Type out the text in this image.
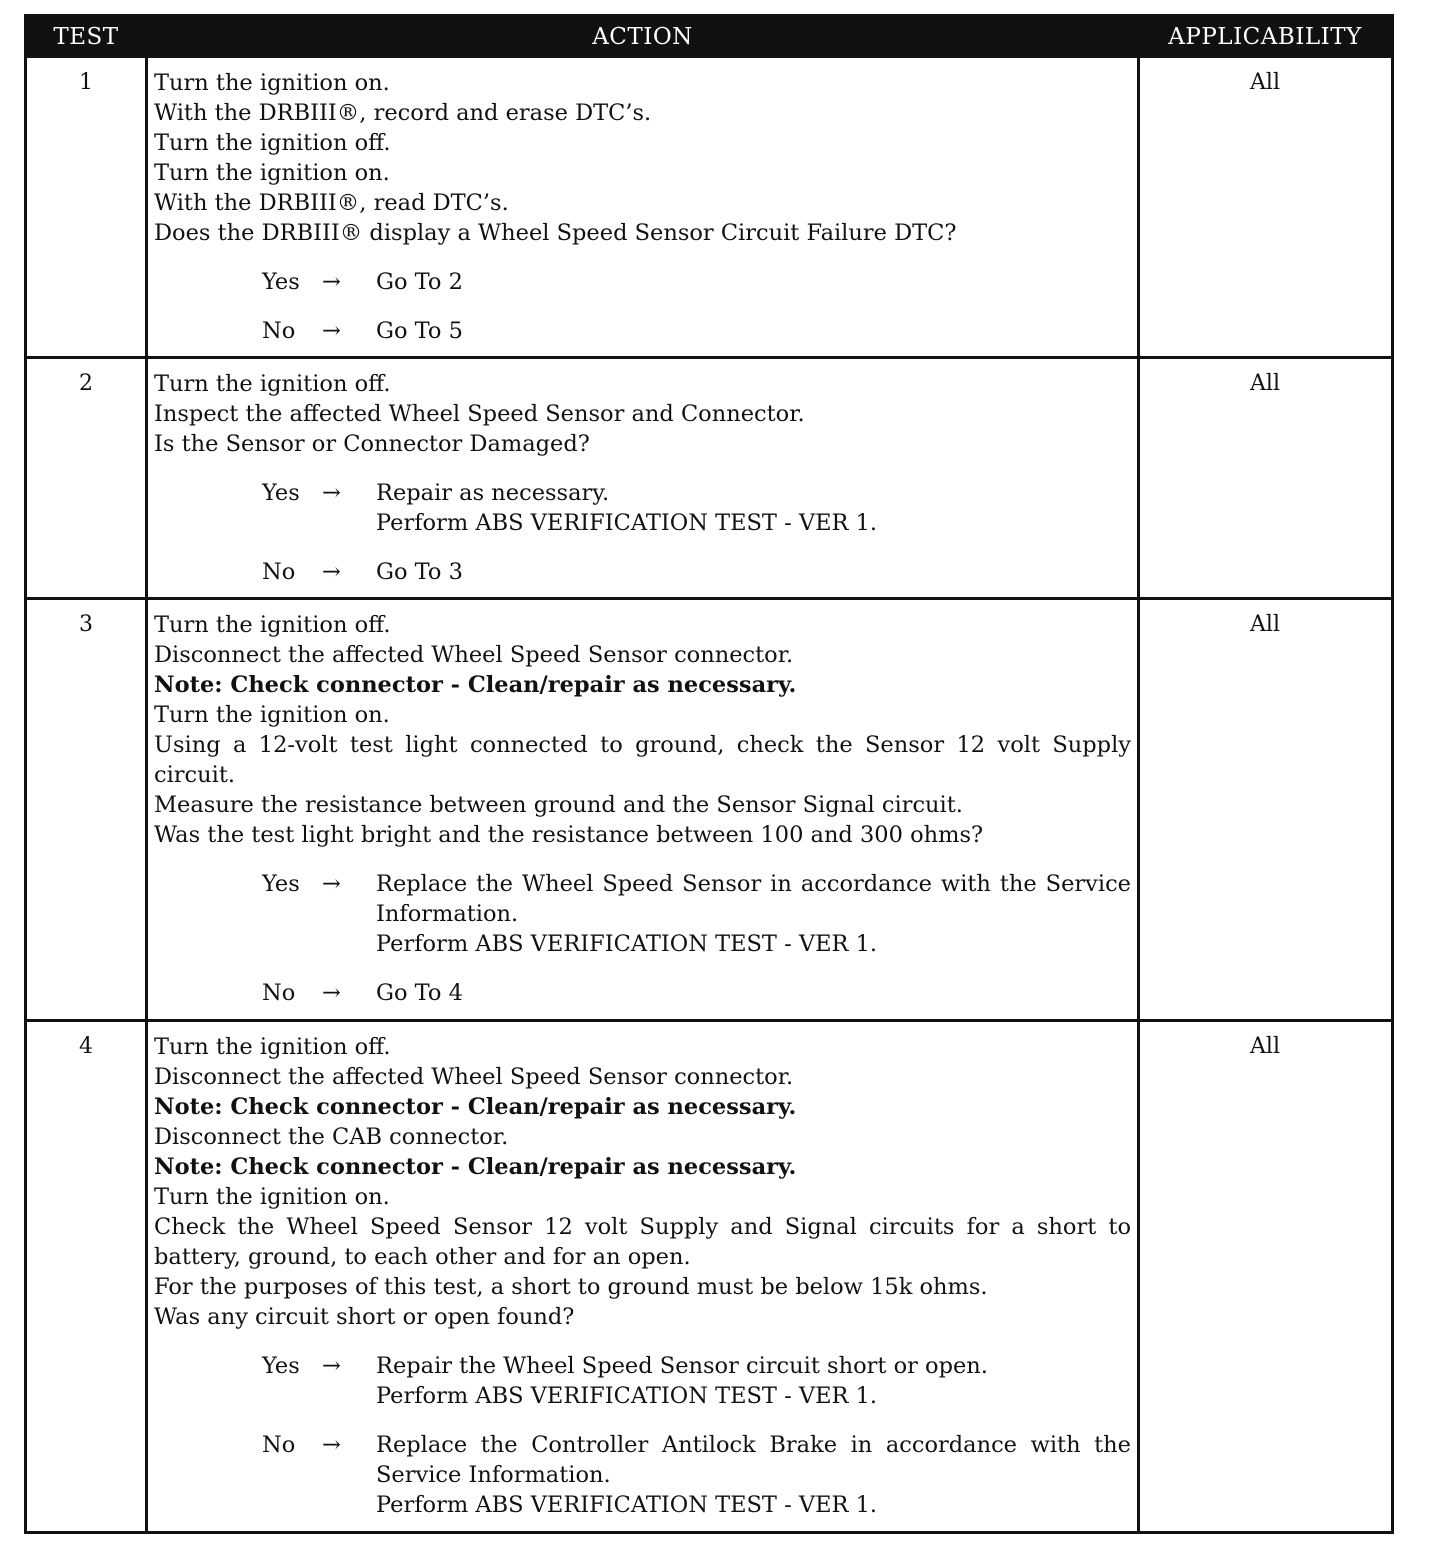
TEST	ACTION	APPLICABILITY
1	Turn the ignition on.
With the DRBIII®, record and erase DTC’s.
Turn the ignition off.
Turn the ignition on.
With the DRBIII®, read DTC’s.
Does the DRBIII® display a Wheel Speed Sensor Circuit Failure DTC?
Yes → Go To 2
No → Go To 5
All
2	Turn the ignition off.
Inspect the affected Wheel Speed Sensor and Connector.
Is the Sensor or Connector Damaged?
Yes → Repair as necessary.
Perform ABS VERIFICATION TEST - VER 1.
No → Go To 3
All
3	Turn the ignition off.
Disconnect the affected Wheel Speed Sensor connector.
Note: Check connector - Clean/repair as necessary.
Turn the ignition on.
Using a 12-volt test light connected to ground, check the Sensor 12 volt Supply circuit.
Measure the resistance between ground and the Sensor Signal circuit.
Was the test light bright and the resistance between 100 and 300 ohms?
Yes → Replace the Wheel Speed Sensor in accordance with the Service Information.
Perform ABS VERIFICATION TEST - VER 1.
No → Go To 4
All
4	Turn the ignition off.
Disconnect the affected Wheel Speed Sensor connector.
Note: Check connector - Clean/repair as necessary.
Disconnect the CAB connector.
Note: Check connector - Clean/repair as necessary.
Turn the ignition on.
Check the Wheel Speed Sensor 12 volt Supply and Signal circuits for a short to battery, ground, to each other and for an open.
For the purposes of this test, a short to ground must be below 15k ohms.
Was any circuit short or open found?
Yes → Repair the Wheel Speed Sensor circuit short or open.
Perform ABS VERIFICATION TEST - VER 1.
No → Replace the Controller Antilock Brake in accordance with the Service Information.
Perform ABS VERIFICATION TEST - VER 1.
All
